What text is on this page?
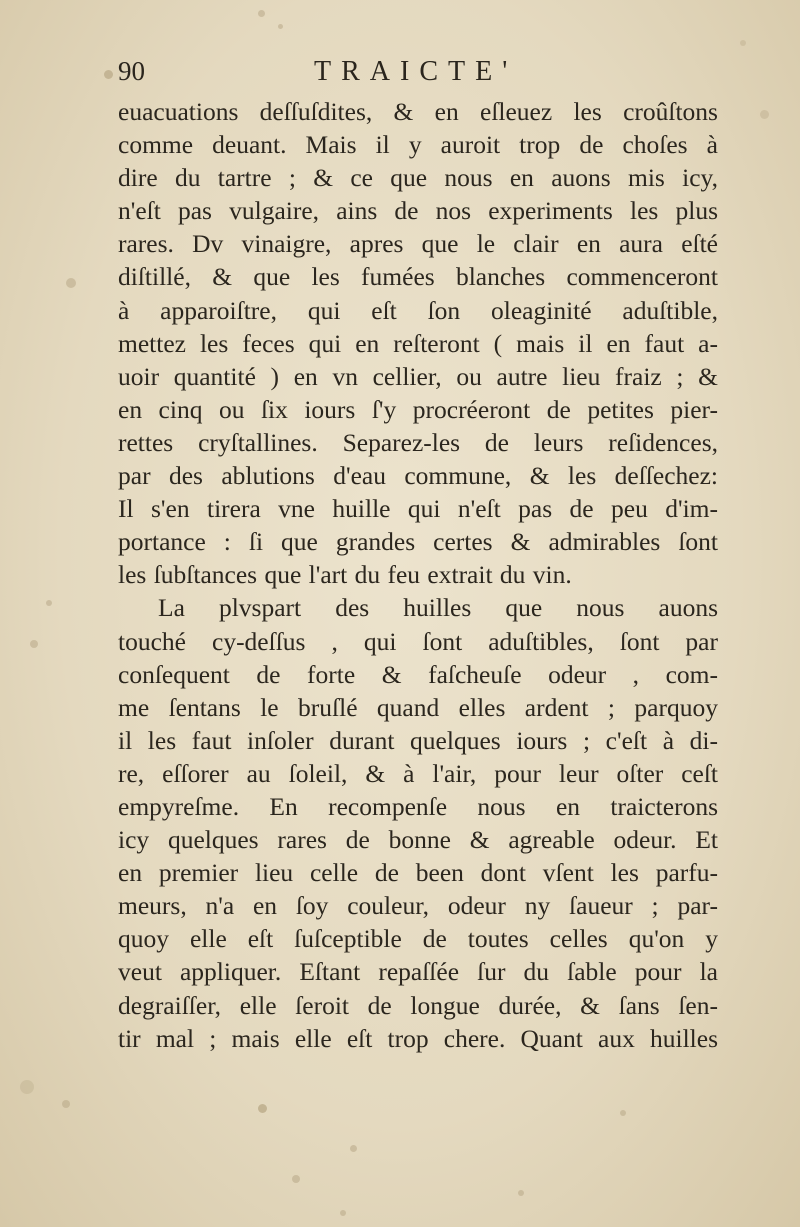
90	TRAICTE'
euacuations deſſuſdites, & en eſleuez les croûſtons
comme deuant. Mais il y auroit trop de choſes à
dire du tartre ; & ce que nous en auons mis icy,
n'eſt pas vulgaire, ains de nos experiments les plus
rares. Dv vinaigre, apres que le clair en aura eſté
diſtillé, & que les fumées blanches commenceront
à apparoiſtre, qui eſt ſon oleaginité aduſtible,
mettez les feces qui en reſteront ( mais il en faut a-
uoir quantité ) en vn cellier, ou autre lieu fraiz ; &
en cinq ou ſix iours ſ'y procréeront de petites pier-
rettes cryſtallines. Separez-les de leurs reſidences,
par des ablutions d'eau commune, & les deſſechez:
Il s'en tirera vne huille qui n'eſt pas de peu d'im-
portance : ſi que grandes certes & admirables ſont
les ſubſtances que l'art du feu extrait du vin.
La plvspart des huilles que nous auons
touché cy-deſſus , qui ſont aduſtibles, ſont par
conſequent de forte & faſcheuſe odeur , com-
me ſentans le bruſlé quand elles ardent ; parquoy
il les faut inſoler durant quelques iours ; c'eſt à di-
re, eſſorer au ſoleil, & à l'air, pour leur oſter ceſt
empyreſme. En recompenſe nous en traicterons
icy quelques rares de bonne & agreable odeur. Et
en premier lieu celle de been dont vſent les parfu-
meurs, n'a en ſoy couleur, odeur ny ſaueur ; par-
quoy elle eſt ſuſceptible de toutes celles qu'on y
veut appliquer. Eſtant repaſſée ſur du ſable pour la
degraiſſer, elle ſeroit de longue durée, & ſans ſen-
tir mal ; mais elle eſt trop chere. Quant aux huilles
